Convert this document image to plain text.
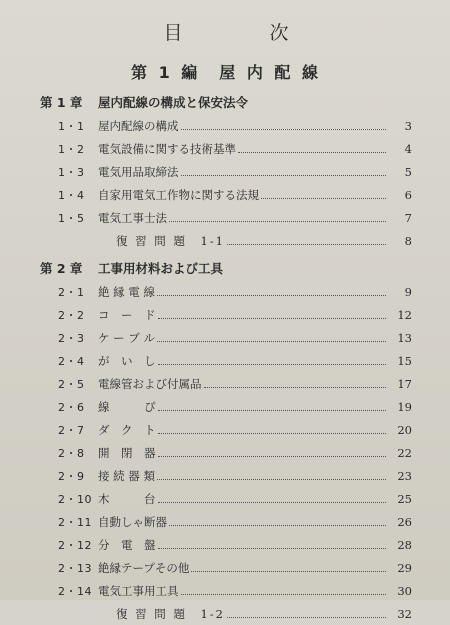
目　次
第 1 編　屋 内 配 線
第 1 章 屋内配線の構成と保安法令
1・1	屋内配線の構成	3
1・2	電気設備に関する技術基準	4
1・3	電気用品取締法	5
1・4	自家用電気工作物に関する法規	6
1・5	電気工事士法	7
復 習 問 題　1-1	8
第 2 章 工事用材料および工具
2・1	絶 縁 電 線	9
2・2	コ　ー　ド	12
2・3	ケ ー ブ ル	13
2・4	が　い　し	15
2・5	電線管および付属品	17
2・6	線　　　ぴ	19
2・7	ダ　ク　ト	20
2・8	開　閉　器	22
2・9	接 続 器 類	23
2・10 木　　　台	25
2・11 自動しゃ断器	26
2・12 分　電　盤	28
2・13 絶縁テープその他	29
2・14 電気工事用工具	30
復 習 問 題　1-2	32
